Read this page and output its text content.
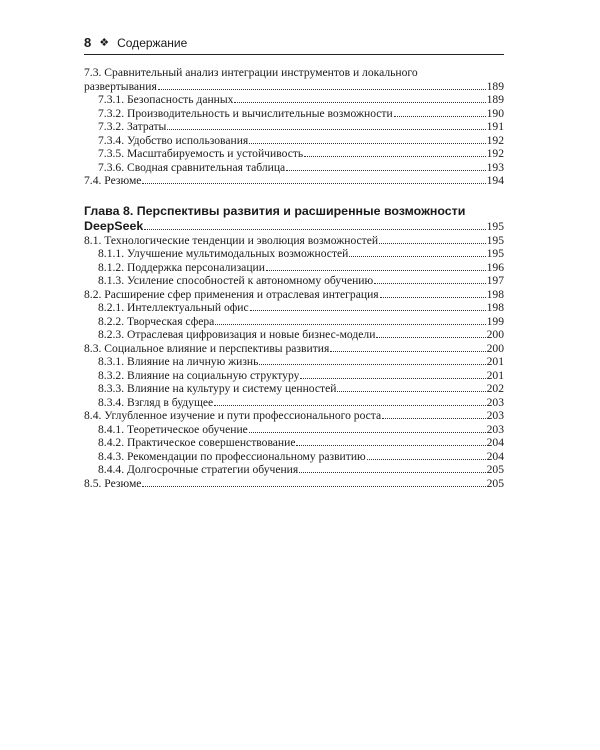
8 ❖ Содержание
7.3. Сравнительный анализ интеграции инструментов и локального
развертывания	189
7.3.1. Безопасность данных	189
7.3.2. Производительность и вычислительные возможности	190
7.3.2. Затраты	191
7.3.4. Удобство использования	192
7.3.5. Масштабируемость и устойчивость	192
7.3.6. Сводная сравнительная таблица	193
7.4. Резюме	194
Глава 8. Перспективы развития и расширенные возможности
DeepSeek	195
8.1. Технологические тенденции и эволюция возможностей	195
8.1.1. Улучшение мультимодальных возможностей	195
8.1.2. Поддержка персонализации	196
8.1.3. Усиление способностей к автономному обучению	197
8.2. Расширение сфер применения и отраслевая интеграция	198
8.2.1. Интеллектуальный офис	198
8.2.2. Творческая сфера	199
8.2.3. Отраслевая цифровизация и новые бизнес-модели	200
8.3. Социальное влияние и перспективы развития	200
8.3.1. Влияние на личную жизнь	201
8.3.2. Влияние на социальную структуру	201
8.3.3. Влияние на культуру и систему ценностей	202
8.3.4. Взгляд в будущее	203
8.4. Углубленное изучение и пути профессионального роста	203
8.4.1. Теоретическое обучение	203
8.4.2. Практическое совершенствование	204
8.4.3. Рекомендации по профессиональному развитию	204
8.4.4. Долгосрочные стратегии обучения	205
8.5. Резюме	205
